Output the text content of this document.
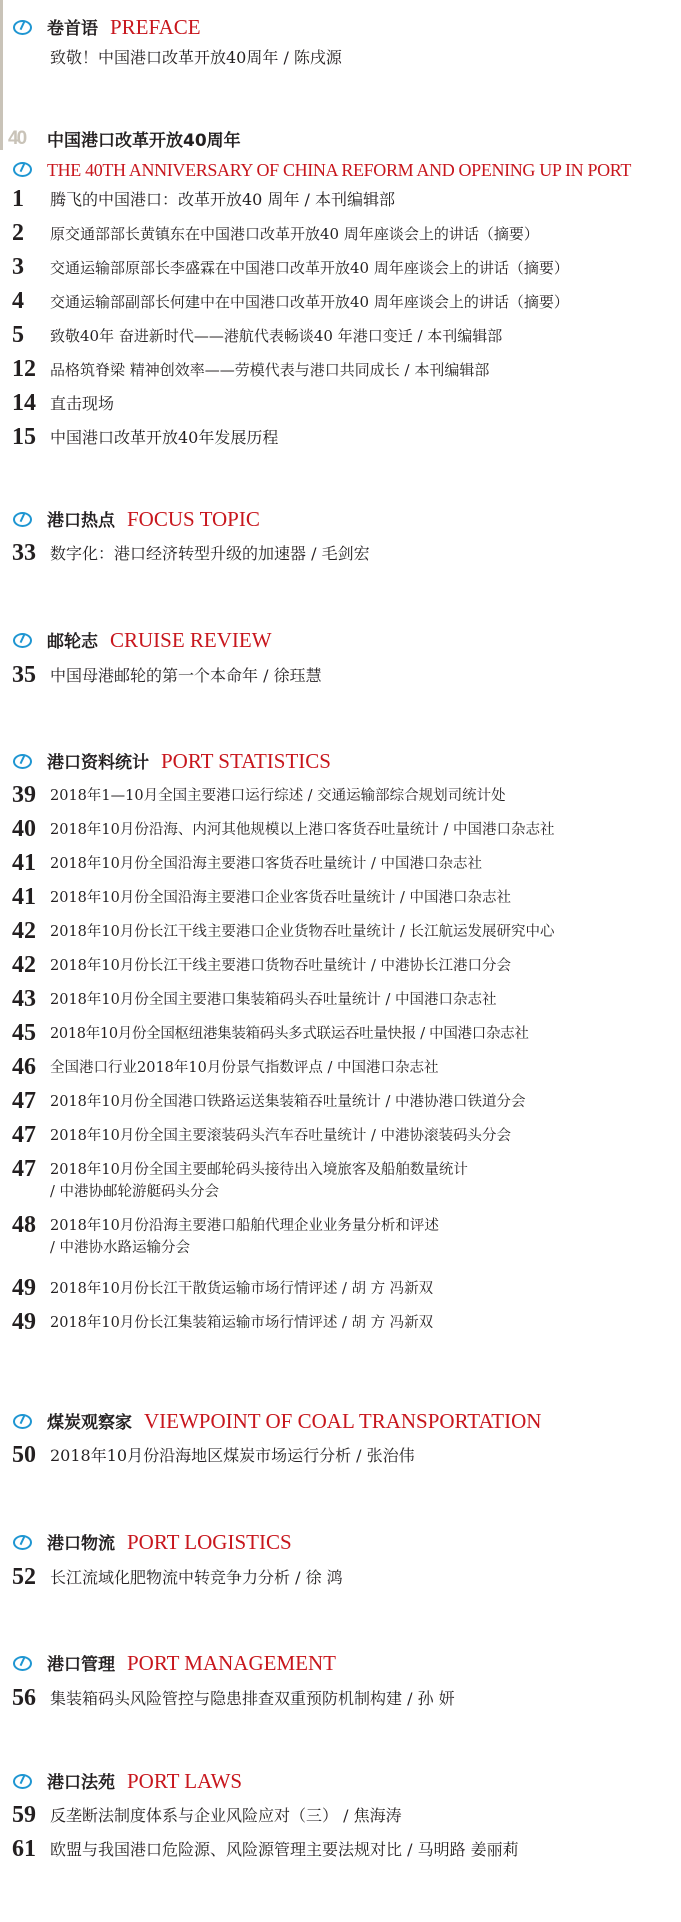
卷首语 PREFACE
致敬！中国港口改革开放40周年 / 陈戌源
40	中国港口改革开放40周年
THE 40TH ANNIVERSARY OF CHINA REFORM AND OPENING UP IN PORT
1 腾飞的中国港口：改革开放40 周年 / 本刊编辑部
2 原交通部部长黄镇东在中国港口改革开放40 周年座谈会上的讲话（摘要）
3 交通运输部原部长李盛霖在中国港口改革开放40 周年座谈会上的讲话（摘要）
4 交通运输部副部长何建中在中国港口改革开放40 周年座谈会上的讲话（摘要）
5 致敬40年 奋进新时代——港航代表畅谈40 年港口变迁 / 本刊编辑部
12 品格筑脊梁 精神创效率——劳模代表与港口共同成长 / 本刊编辑部
14 直击现场
15 中国港口改革开放40年发展历程
港口热点 FOCUS TOPIC
33 数字化：港口经济转型升级的加速器 / 毛剑宏
邮轮志 CRUISE REVIEW
35 中国母港邮轮的第一个本命年 / 徐珏慧
港口资料统计 PORT STATISTICS
39 2018年1—10月全国主要港口运行综述 / 交通运输部综合规划司统计处
40 2018年10月份沿海、内河其他规模以上港口客货吞吐量统计 / 中国港口杂志社
41 2018年10月份全国沿海主要港口客货吞吐量统计 / 中国港口杂志社
41 2018年10月份全国沿海主要港口企业客货吞吐量统计 / 中国港口杂志社
42 2018年10月份长江干线主要港口企业货物吞吐量统计 / 长江航运发展研究中心
42 2018年10月份长江干线主要港口货物吞吐量统计 / 中港协长江港口分会
43 2018年10月份全国主要港口集装箱码头吞吐量统计 / 中国港口杂志社
45 2018年10月份全国枢纽港集装箱码头多式联运吞吐量快报 / 中国港口杂志社
46 全国港口行业2018年10月份景气指数评点 / 中国港口杂志社
47 2018年10月份全国港口铁路运送集装箱吞吐量统计 / 中港协港口铁道分会
47 2018年10月份全国主要滚装码头汽车吞吐量统计 / 中港协滚装码头分会
47 2018年10月份全国主要邮轮码头接待出入境旅客及船舶数量统计
/ 中港协邮轮游艇码头分会
48 2018年10月份沿海主要港口船舶代理企业业务量分析和评述
/ 中港协水路运输分会
49 2018年10月份长江干散货运输市场行情评述 / 胡 方 冯新双
49 2018年10月份长江集装箱运输市场行情评述 / 胡 方 冯新双
煤炭观察家 VIEWPOINT OF COAL TRANSPORTATION
50 2018年10月份沿海地区煤炭市场运行分析 / 张治伟
港口物流 PORT LOGISTICS
52 长江流域化肥物流中转竞争力分析 / 徐 鸿
港口管理 PORT MANAGEMENT
56 集装箱码头风险管控与隐患排查双重预防机制构建 / 孙 妍
港口法苑 PORT LAWS
59 反垄断法制度体系与企业风险应对（三） / 焦海涛
61 欧盟与我国港口危险源、风险源管理主要法规对比 / 马明路 姜丽莉
